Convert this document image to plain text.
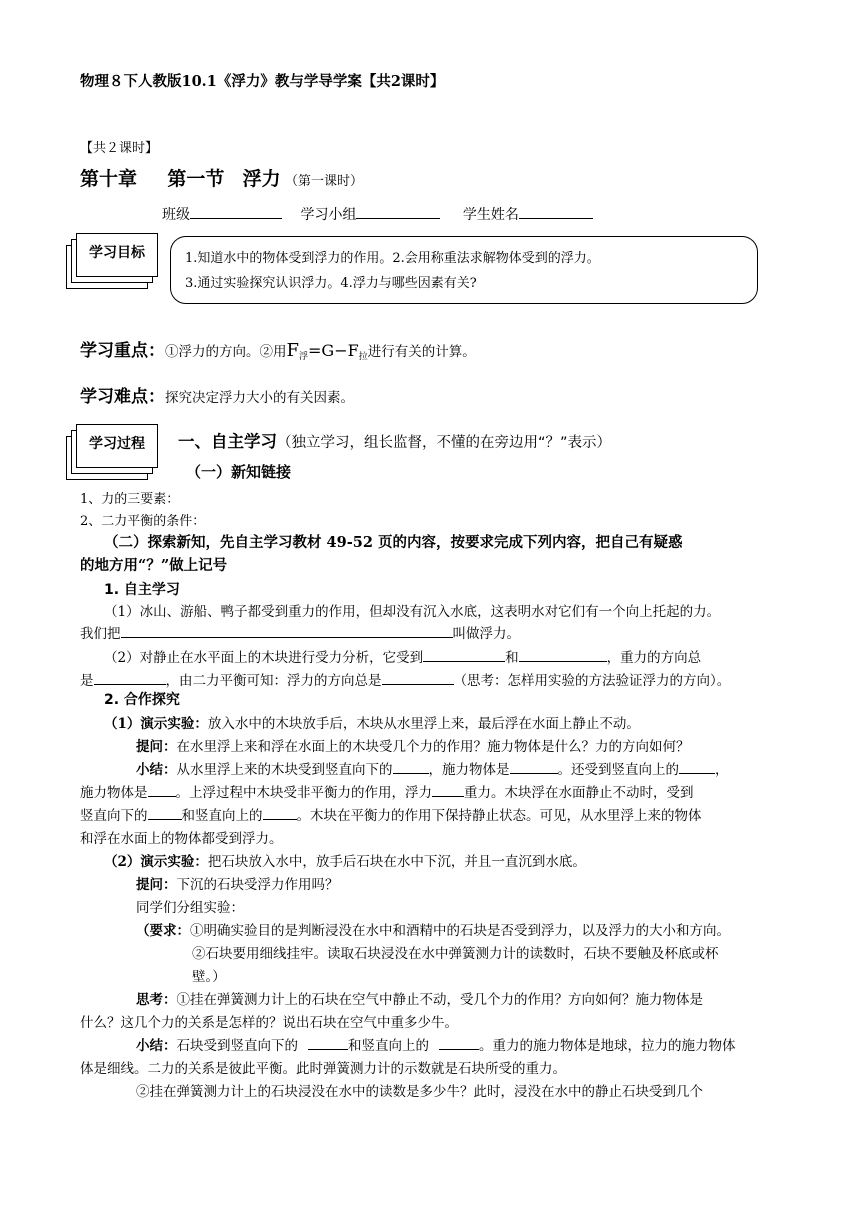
物理８下人教版10.1《浮力》教与学导学案【共2课时】
【共２课时】
第十章 第一节 浮力 （第一课时）
班级	学习小组	学生姓名
学习目标	1.知道水中的物体受到浮力的作用。2.会用称重法求解物体受到的浮力。
3.通过实验探究认识浮力。4.浮力与哪些因素有关?
学习重点：①浮力的方向。②用$F_浮=G-F_拉$进行有关的计算。
学习难点：探究决定浮力大小的有关因素。
学习过程 一、自主学习（独立学习，组长监督，不懂的在旁边用“？”表示）
（一）新知链接
1、力的三要素：
2、二力平衡的条件：
（二）探索新知，先自主学习教材 49-52 页的内容，按要求完成下列内容，把自己有疑惑
的地方用“？”做上记号
1. 自主学习
（1）冰山、游船、鸭子都受到重力的作用，但却没有沉入水底，这表明水对它们有一个向上托起的力。
我们把	叫做浮力。
（2）对静止在水平面上的木块进行受力分析，它受到	和	，重力的方向总
是	，由二力平衡可知：浮力的方向总是	（思考：怎样用实验的方法验证浮力的方向）。
2. 合作探究
（1）演示实验：放入水中的木块放手后，木块从水里浮上来，最后浮在水面上静止不动。
提问：在水里浮上来和浮在水面上的木块受几个力的作用？施力物体是什么？力的方向如何？
小结：从水里浮上来的木块受到竖直向下的	，施力物体是	。还受到竖直向上的	，
施力物体是 。上浮过程中木块受非平衡力的作用，浮力 重力。木块浮在水面静止不动时，受到
竖直向下的	和竖直向上的	。木块在平衡力的作用下保持静止状态。可见，从水里浮上来的物体
和浮在水面上的物体都受到浮力。
（2）演示实验：把石块放入水中，放手后石块在水中下沉，并且一直沉到水底。
提问：下沉的石块受浮力作用吗？
同学们分组实验：
（要求：①明确实验目的是判断浸没在水中和酒精中的石块是否受到浮力，以及浮力的大小和方向。
②石块要用细线挂牢。读取石块浸没在水中弹簧测力计的读数时，石块不要触及杯底或杯
壁。）
思考：①挂在弹簧测力计上的石块在空气中静止不动，受几个力的作用？方向如何？施力物体是
什么？这几个力的关系是怎样的？说出石块在空气中重多少牛。
小结：石块受到竖直向下的	和竖直向上的	。重力的施力物体是地球，拉力的施力物体
体是细线。二力的关系是彼此平衡。此时弹簧测力计的示数就是石块所受的重力。
②挂在弹簧测力计上的石块浸没在水中的读数是多少牛？此时，浸没在水中的静止石块受到几个
